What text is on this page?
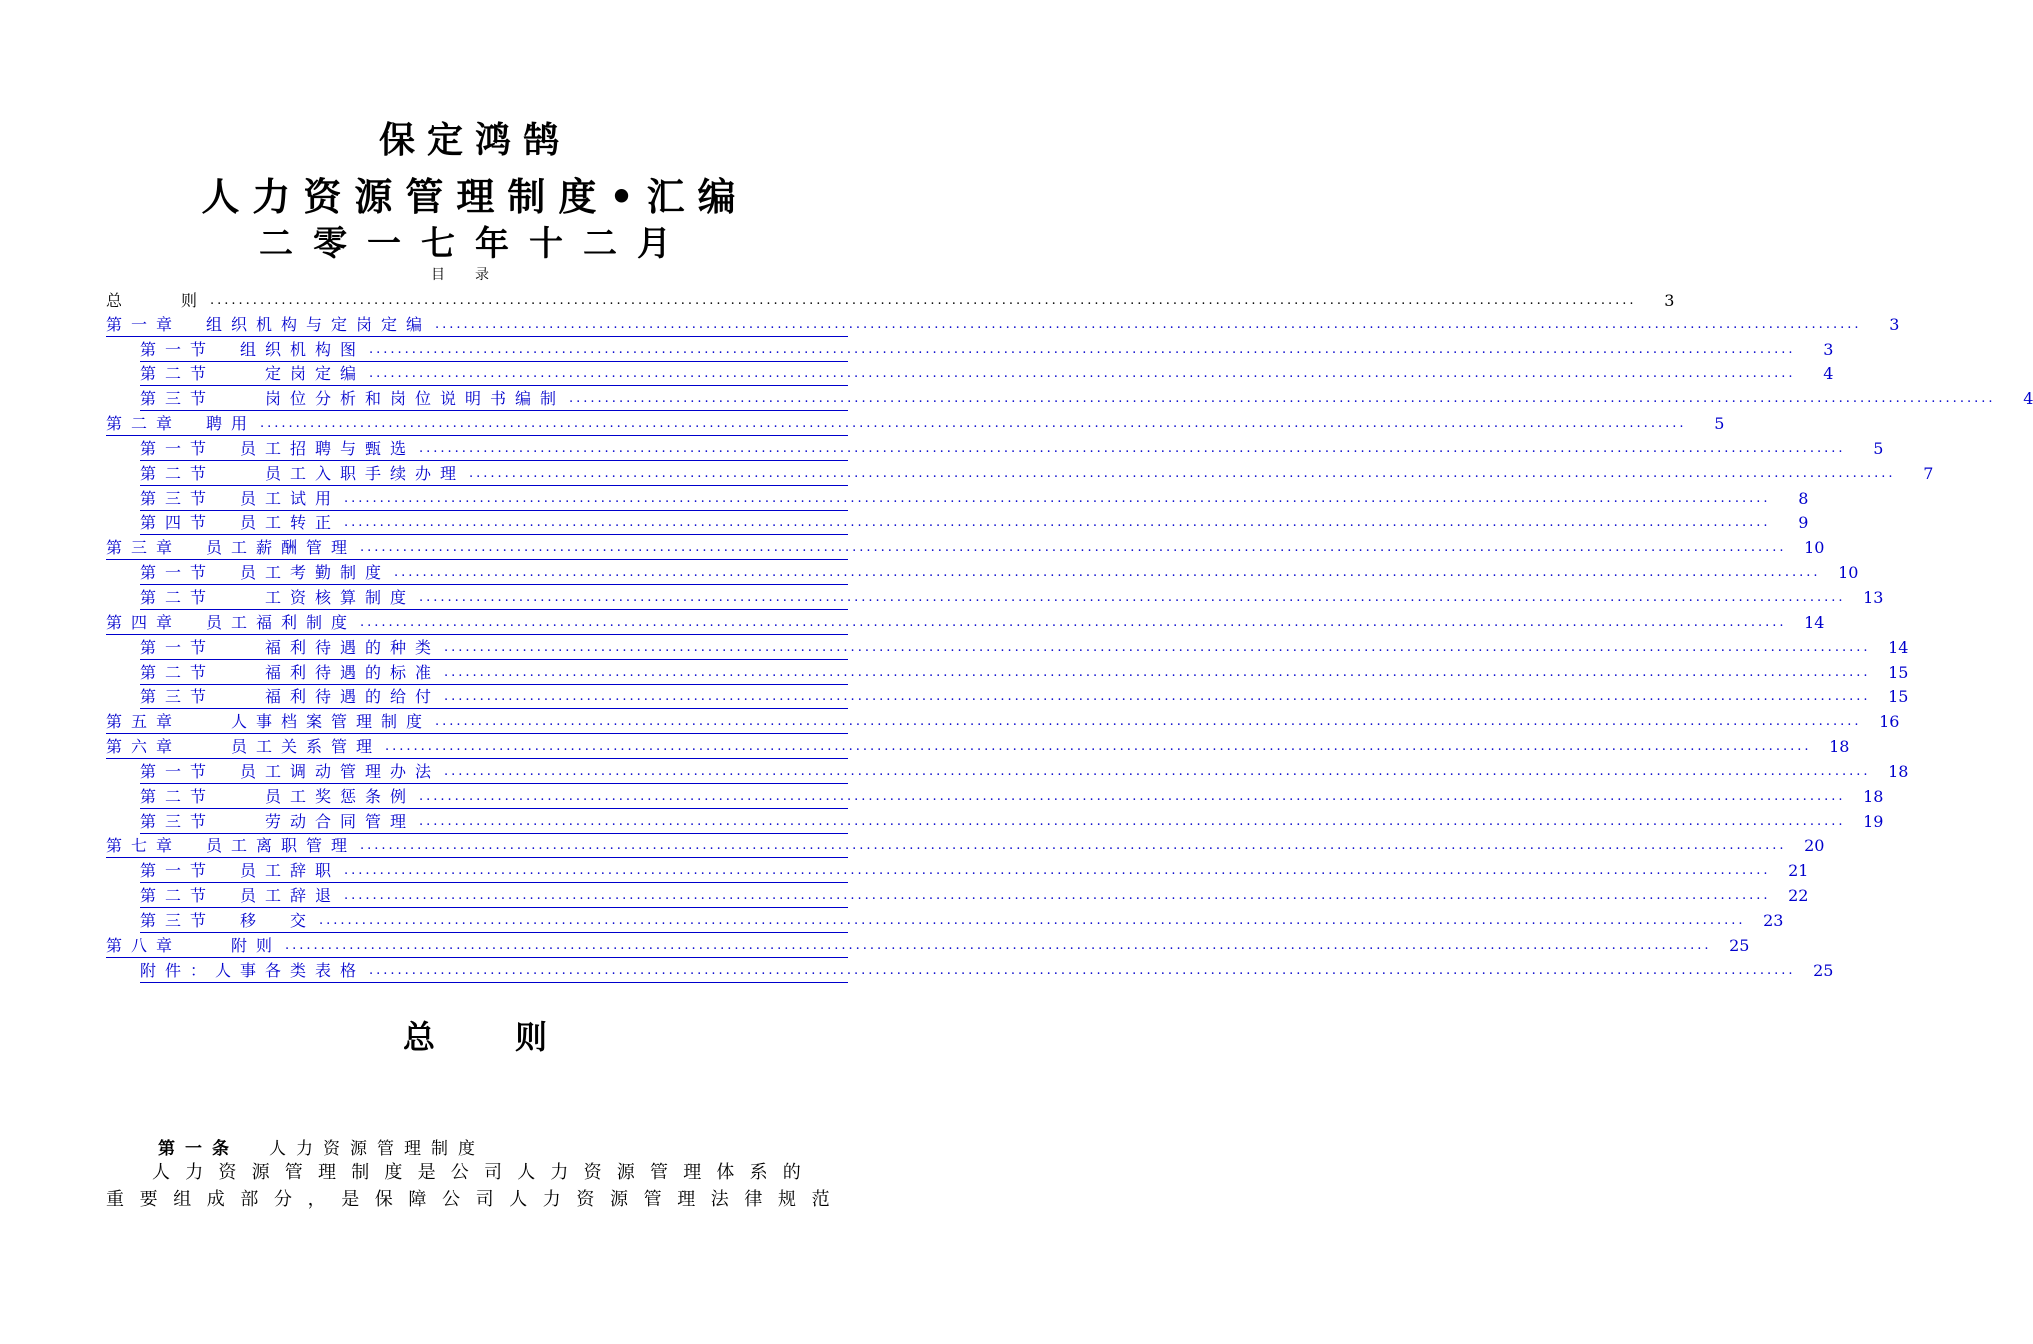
保定鸿鹄
人力资源管理制度•汇编
二零一七年十二月
目录
总　　则 ........................................................................................................................................................................................................	3
第一章　组织机构与定岗定编 ........................................................................................................................................................................................................	3
第一节　组织机构图 ........................................................................................................................................................................................................	3
第二节　　定岗定编 ........................................................................................................................................................................................................	4
第三节　　岗位分析和岗位说明书编制 ........................................................................................................................................................................................................	4
第二章　聘用 ........................................................................................................................................................................................................	5
第一节　员工招聘与甄选 ........................................................................................................................................................................................................	5
第二节　　员工入职手续办理 ........................................................................................................................................................................................................	7
第三节　员工试用 ........................................................................................................................................................................................................	8
第四节　员工转正 ........................................................................................................................................................................................................	9
第三章　员工薪酬管理 ........................................................................................................................................................................................................	10
第一节　员工考勤制度 ........................................................................................................................................................................................................	10
第二节　　工资核算制度 ........................................................................................................................................................................................................	13
第四章　员工福利制度 ........................................................................................................................................................................................................	14
第一节　　福利待遇的种类 ........................................................................................................................................................................................................	14
第二节　　福利待遇的标准 ........................................................................................................................................................................................................	15
第三节　　福利待遇的给付 ........................................................................................................................................................................................................	15
第五章　　人事档案管理制度 ........................................................................................................................................................................................................	16
第六章　　员工关系管理 ........................................................................................................................................................................................................	18
第一节　员工调动管理办法 ........................................................................................................................................................................................................	18
第二节　　员工奖惩条例 ........................................................................................................................................................................................................	18
第三节　　劳动合同管理 ........................................................................................................................................................................................................	19
第七章　员工离职管理 ........................................................................................................................................................................................................	20
第一节　员工辞职 ........................................................................................................................................................................................................	21
第二节　员工辞退 ........................................................................................................................................................................................................	22
第三节　移　交 ........................................................................................................................................................................................................	23
第八章　　附则 ........................................................................................................................................................................................................	25
附件：人事各类表格 ........................................................................................................................................................................................................	25
总则
第一条 人力资源管理制度
人力资源管理制度是公司人力资源管理体系的
重要组成部分，是保障公司人力资源管理法律规范
